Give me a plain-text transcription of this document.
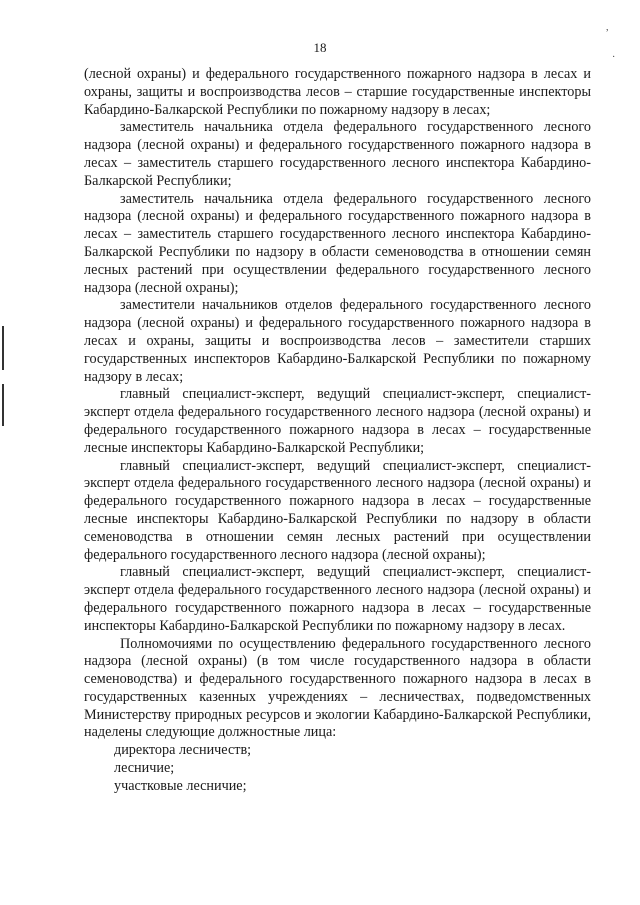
,
·
18

(лесной охраны) и федерального государственного пожарного надзора в лесах и охраны, защиты и воспроизводства лесов – старшие государственные инспекторы Кабардино-Балкарской Республики по пожарному надзору в лесах;

заместитель начальника отдела федерального государственного лесного надзора (лесной охраны) и федерального государственного пожарного надзора в лесах – заместитель старшего государственного лесного инспектора Кабардино-Балкарской Республики;

заместитель начальника отдела федерального государственного лесного надзора (лесной охраны) и федерального государственного пожарного надзора в лесах – заместитель старшего государственного лесного инспектора Кабардино-Балкарской Республики по надзору в области семеноводства в отношении семян лесных растений при осуществлении федерального государственного лесного надзора (лесной охраны);

заместители начальников отделов федерального государственного лесного надзора (лесной охраны) и федерального государственного пожарного надзора в лесах и охраны, защиты и воспроизводства лесов – заместители старших государственных инспекторов Кабардино-Балкарской Республики по пожарному надзору в лесах;

главный специалист-эксперт, ведущий специалист-эксперт, специалист-эксперт отдела федерального государственного лесного надзора (лесной охраны) и федерального государственного пожарного надзора в лесах – государственные лесные инспекторы Кабардино-Балкарской Республики;

главный специалист-эксперт, ведущий специалист-эксперт, специалист-эксперт отдела федерального государственного лесного надзора (лесной охраны) и федерального государственного пожарного надзора в лесах – государственные лесные инспекторы Кабардино-Балкарской Республики по надзору в области семеноводства в отношении семян лесных растений при осуществлении федерального государственного лесного надзора (лесной охраны);

главный специалист-эксперт, ведущий специалист-эксперт, специалист-эксперт отдела федерального государственного лесного надзора (лесной охраны) и федерального государственного пожарного надзора в лесах – государственные инспекторы Кабардино-Балкарской Республики по пожарному надзору в лесах.

Полномочиями по осуществлению федерального государственного лесного надзора (лесной охраны) (в том числе государственного надзора в области семеноводства) и федерального государственного пожарного надзора в лесах в государственных казенных учреждениях – лесничествах, подведомственных Министерству природных ресурсов и экологии Кабардино-Балкарской Республики, наделены следующие должностные лица:

директора лесничеств;

лесничие;

участковые лесничие;
